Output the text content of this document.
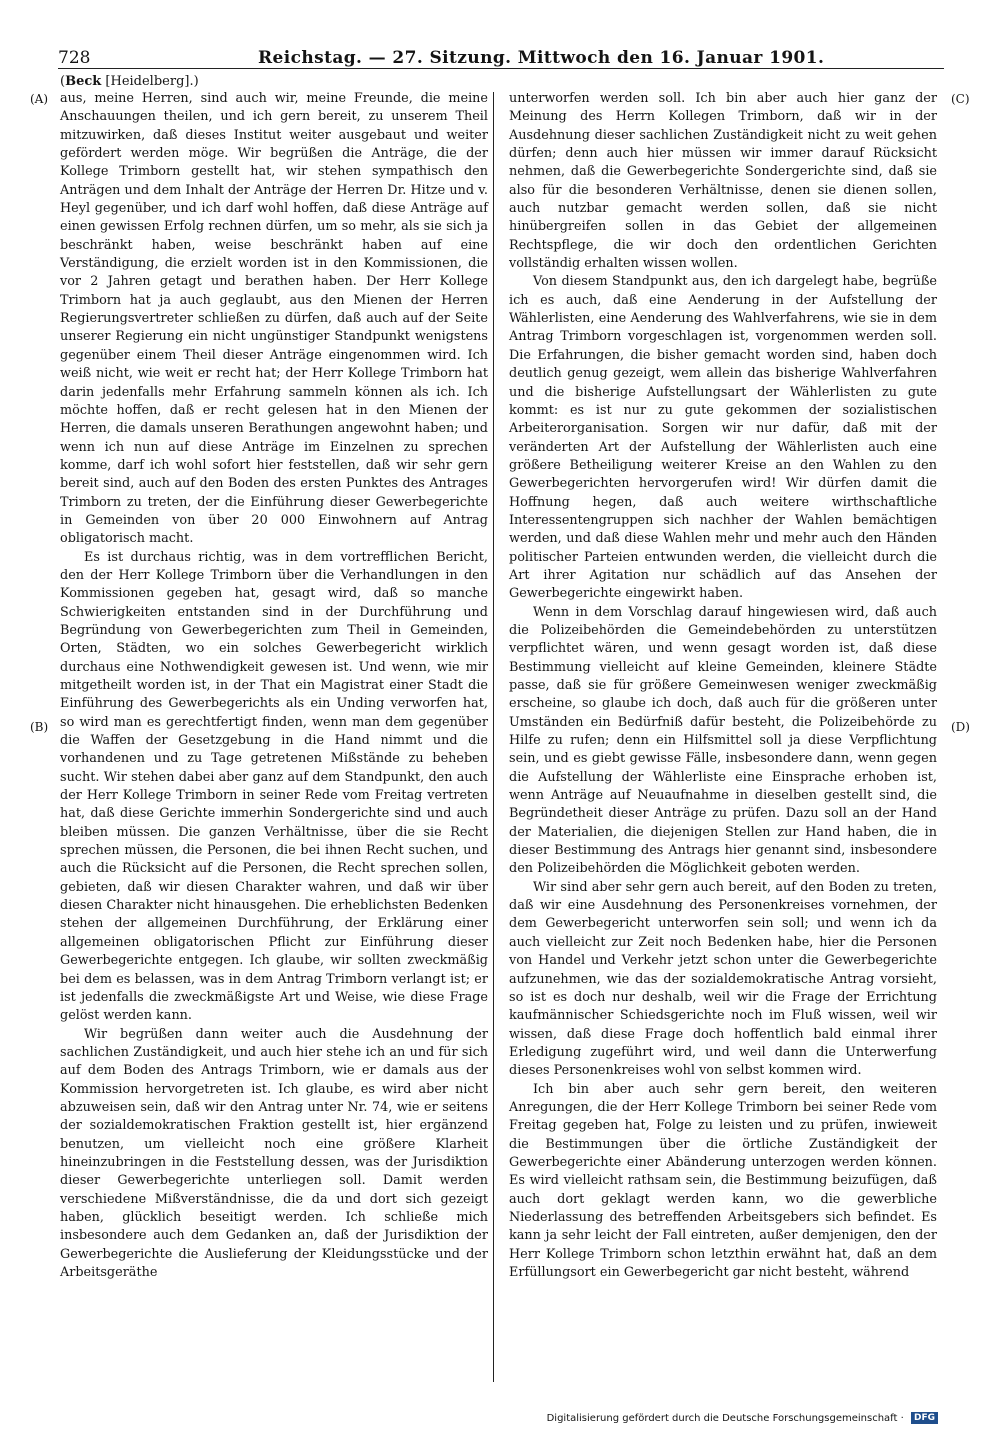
728	Reichstag. — 27. Sitzung. Mittwoch den 16. Januar 1901.
(Beck [Heidelberg].)
(A)
(B)
(C)
(D)

aus, meine Herren, sind auch wir, meine Freunde, die meine Anschauungen theilen, und ich gern bereit, zu unserem Theil mitzuwirken, daß dieses Institut weiter ausgebaut und weiter gefördert werden möge. Wir begrüßen die Anträge, die der Kollege Trimborn gestellt hat, wir stehen sympathisch den Anträgen und dem Inhalt der Anträge der Herren Dr. Hitze und v. Heyl gegenüber, und ich darf wohl hoffen, daß diese Anträge auf einen gewissen Erfolg rechnen dürfen, um so mehr, als sie sich ja beschränkt haben, weise beschränkt haben auf eine Verständigung, die erzielt worden ist in den Kommissionen, die vor 2 Jahren getagt und berathen haben. Der Herr Kollege Trimborn hat ja auch geglaubt, aus den Mienen der Herren Regierungsvertreter schließen zu dürfen, daß auch auf der Seite unserer Regierung ein nicht ungünstiger Standpunkt wenigstens gegenüber einem Theil dieser Anträge eingenommen wird. Ich weiß nicht, wie weit er recht hat; der Herr Kollege Trimborn hat darin jedenfalls mehr Erfahrung sammeln können als ich. Ich möchte hoffen, daß er recht gelesen hat in den Mienen der Herren, die damals unseren Berathungen angewohnt haben; und wenn ich nun auf diese Anträge im Einzelnen zu sprechen komme, darf ich wohl sofort hier feststellen, daß wir sehr gern bereit sind, auch auf den Boden des ersten Punktes des Antrages Trimborn zu treten, der die Einführung dieser Gewerbegerichte in Gemeinden von über 20 000 Einwohnern auf Antrag obligatorisch macht.

Es ist durchaus richtig, was in dem vortrefflichen Bericht, den der Herr Kollege Trimborn über die Verhandlungen in den Kommissionen gegeben hat, gesagt wird, daß so manche Schwierigkeiten entstanden sind in der Durchführung und Begründung von Gewerbegerichten zum Theil in Gemeinden, Orten, Städten, wo ein solches Gewerbegericht wirklich durchaus eine Nothwendigkeit gewesen ist. Und wenn, wie mir mitgetheilt worden ist, in der That ein Magistrat einer Stadt die Einführung des Gewerbegerichts als ein Unding verworfen hat, so wird man es gerechtfertigt finden, wenn man dem gegenüber die Waffen der Gesetzgebung in die Hand nimmt und die vorhandenen und zu Tage getretenen Mißstände zu beheben sucht. Wir stehen dabei aber ganz auf dem Standpunkt, den auch der Herr Kollege Trimborn in seiner Rede vom Freitag vertreten hat, daß diese Gerichte immerhin Sondergerichte sind und auch bleiben müssen. Die ganzen Verhältnisse, über die sie Recht sprechen müssen, die Personen, die bei ihnen Recht suchen, und auch die Rücksicht auf die Personen, die Recht sprechen sollen, gebieten, daß wir diesen Charakter wahren, und daß wir über diesen Charakter nicht hinausgehen. Die erheblichsten Bedenken stehen der allgemeinen Durchführung, der Erklärung einer allgemeinen obligatorischen Pflicht zur Einführung dieser Gewerbegerichte entgegen. Ich glaube, wir sollten zweckmäßig bei dem es belassen, was in dem Antrag Trimborn verlangt ist; er ist jedenfalls die zweckmäßigste Art und Weise, wie diese Frage gelöst werden kann.

Wir begrüßen dann weiter auch die Ausdehnung der sachlichen Zuständigkeit, und auch hier stehe ich an und für sich auf dem Boden des Antrags Trimborn, wie er damals aus der Kommission hervorgetreten ist. Ich glaube, es wird aber nicht abzuweisen sein, daß wir den Antrag unter Nr. 74, wie er seitens der sozialdemokratischen Fraktion gestellt ist, hier ergänzend benutzen, um vielleicht noch eine größere Klarheit hineinzubringen in die Feststellung dessen, was der Jurisdiktion dieser Gewerbegerichte unterliegen soll. Damit werden verschiedene Mißverständnisse, die da und dort sich gezeigt haben, glücklich beseitigt werden. Ich schließe mich insbesondere auch dem Gedanken an, daß der Jurisdiktion der Gewerbegerichte die Auslieferung der Kleidungsstücke und der Arbeitsgeräthe

unterworfen werden soll. Ich bin aber auch hier ganz der Meinung des Herrn Kollegen Trimborn, daß wir in der Ausdehnung dieser sachlichen Zuständigkeit nicht zu weit gehen dürfen; denn auch hier müssen wir immer darauf Rücksicht nehmen, daß die Gewerbegerichte Sondergerichte sind, daß sie also für die besonderen Verhältnisse, denen sie dienen sollen, auch nutzbar gemacht werden sollen, daß sie nicht hinübergreifen sollen in das Gebiet der allgemeinen Rechtspflege, die wir doch den ordentlichen Gerichten vollständig erhalten wissen wollen.

Von diesem Standpunkt aus, den ich dargelegt habe, begrüße ich es auch, daß eine Aenderung in der Aufstellung der Wählerlisten, eine Aenderung des Wahlverfahrens, wie sie in dem Antrag Trimborn vorgeschlagen ist, vorgenommen werden soll. Die Erfahrungen, die bisher gemacht worden sind, haben doch deutlich genug gezeigt, wem allein das bisherige Wahlverfahren und die bisherige Aufstellungsart der Wählerlisten zu gute kommt: es ist nur zu gute gekommen der sozialistischen Arbeiterorganisation. Sorgen wir nur dafür, daß mit der veränderten Art der Aufstellung der Wählerlisten auch eine größere Betheiligung weiterer Kreise an den Wahlen zu den Gewerbegerichten hervorgerufen wird! Wir dürfen damit die Hoffnung hegen, daß auch weitere wirthschaftliche Interessentengruppen sich nachher der Wahlen bemächtigen werden, und daß diese Wahlen mehr und mehr auch den Händen politischer Parteien entwunden werden, die vielleicht durch die Art ihrer Agitation nur schädlich auf das Ansehen der Gewerbegerichte eingewirkt haben.

Wenn in dem Vorschlag darauf hingewiesen wird, daß auch die Polizeibehörden die Gemeindebehörden zu unterstützen verpflichtet wären, und wenn gesagt worden ist, daß diese Bestimmung vielleicht auf kleine Gemeinden, kleinere Städte passe, daß sie für größere Gemeinwesen weniger zweckmäßig erscheine, so glaube ich doch, daß auch für die größeren unter Umständen ein Bedürfniß dafür besteht, die Polizeibehörde zu Hilfe zu rufen; denn ein Hilfsmittel soll ja diese Verpflichtung sein, und es giebt gewisse Fälle, insbesondere dann, wenn gegen die Aufstellung der Wählerliste eine Einsprache erhoben ist, wenn Anträge auf Neuaufnahme in dieselben gestellt sind, die Begründetheit dieser Anträge zu prüfen. Dazu soll an der Hand der Materialien, die diejenigen Stellen zur Hand haben, die in dieser Bestimmung des Antrags hier genannt sind, insbesondere den Polizeibehörden die Möglichkeit geboten werden.

Wir sind aber sehr gern auch bereit, auf den Boden zu treten, daß wir eine Ausdehnung des Personenkreises vornehmen, der dem Gewerbegericht unterworfen sein soll; und wenn ich da auch vielleicht zur Zeit noch Bedenken habe, hier die Personen von Handel und Verkehr jetzt schon unter die Gewerbegerichte aufzunehmen, wie das der sozialdemokratische Antrag vorsieht, so ist es doch nur deshalb, weil wir die Frage der Errichtung kaufmännischer Schiedsgerichte noch im Fluß wissen, weil wir wissen, daß diese Frage doch hoffentlich bald einmal ihrer Erledigung zugeführt wird, und weil dann die Unterwerfung dieses Personenkreises wohl von selbst kommen wird.

Ich bin aber auch sehr gern bereit, den weiteren Anregungen, die der Herr Kollege Trimborn bei seiner Rede vom Freitag gegeben hat, Folge zu leisten und zu prüfen, inwieweit die Bestimmungen über die örtliche Zuständigkeit der Gewerbegerichte einer Abänderung unterzogen werden können. Es wird vielleicht rathsam sein, die Bestimmung beizufügen, daß auch dort geklagt werden kann, wo die gewerbliche Niederlassung des betreffenden Arbeitsgebers sich befindet. Es kann ja sehr leicht der Fall eintreten, außer demjenigen, den der Herr Kollege Trimborn schon letzthin erwähnt hat, daß an dem Erfüllungsort ein Gewerbegericht gar nicht besteht, während

Digitalisierung gefördert durch die Deutsche Forschungsgemeinschaft · DFG
